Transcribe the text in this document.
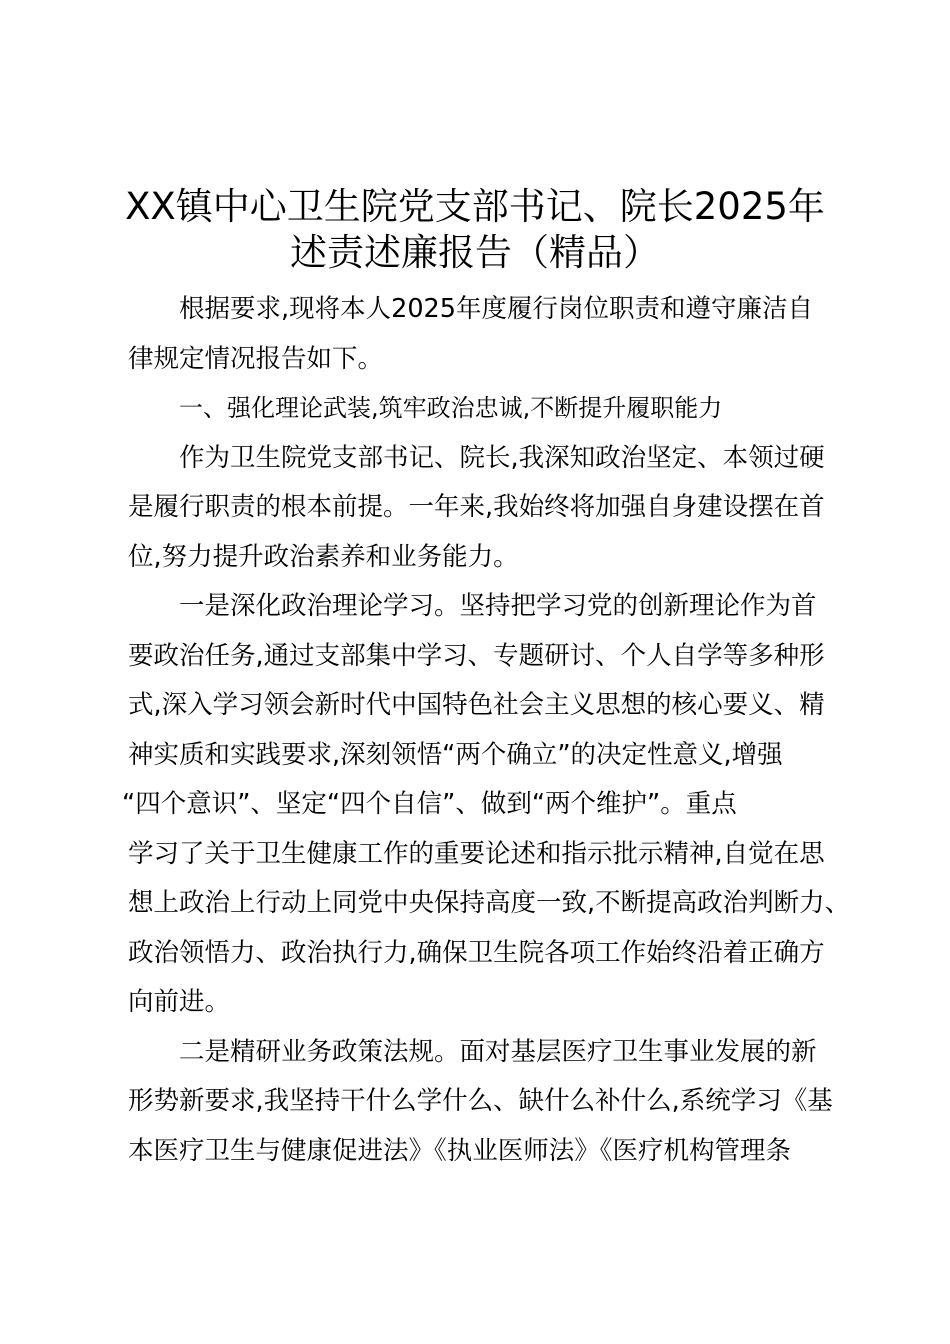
XX镇中心卫生院党支部书记、院长2025年
述责述廉报告（精品）
根据要求,现将本人2025年度履行岗位职责和遵守廉洁自
律规定情况报告如下。
一、强化理论武装,筑牢政治忠诚,不断提升履职能力
作为卫生院党支部书记、院长,我深知政治坚定、本领过硬
是履行职责的根本前提。一年来,我始终将加强自身建设摆在首
位,努力提升政治素养和业务能力。
一是深化政治理论学习。坚持把学习党的创新理论作为首
要政治任务,通过支部集中学习、专题研讨、个人自学等多种形
式,深入学习领会新时代中国特色社会主义思想的核心要义、精
神实质和实践要求,深刻领悟“两个确立”的决定性意义,增强
“四个意识”、坚定“四个自信”、做到“两个维护”。重点
学习了关于卫生健康工作的重要论述和指示批示精神,自觉在思
想上政治上行动上同党中央保持高度一致,不断提高政治判断力、
政治领悟力、政治执行力,确保卫生院各项工作始终沿着正确方
向前进。
二是精研业务政策法规。面对基层医疗卫生事业发展的新
形势新要求,我坚持干什么学什么、缺什么补什么,系统学习《基
本医疗卫生与健康促进法》《执业医师法》《医疗机构管理条
